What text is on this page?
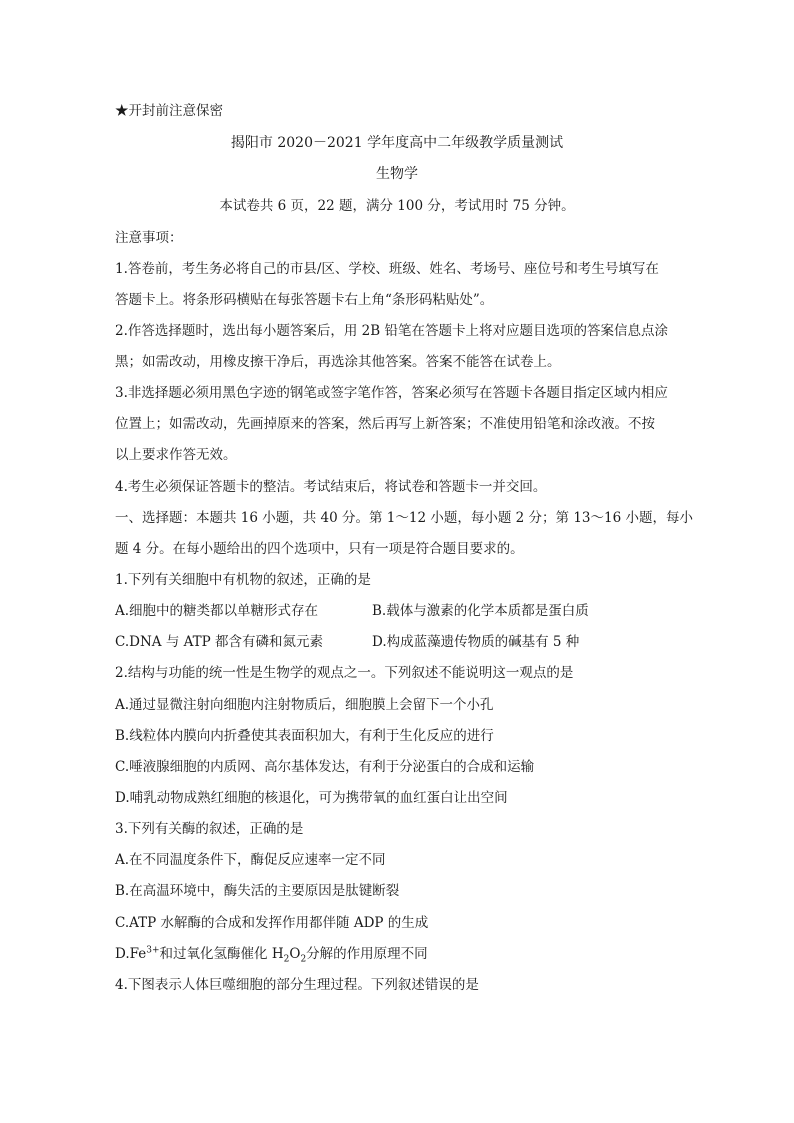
★开封前注意保密
揭阳市 2020－2021 学年度高中二年级教学质量测试
生物学
本试卷共 6 页，22 题，满分 100 分，考试用时 75 分钟。
注意事项：
1.答卷前，考生务必将自己的市县/区、学校、班级、姓名、考场号、座位号和考生号填写在
答题卡上。将条形码横贴在每张答题卡右上角“条形码粘贴处”。
2.作答选择题时，选出每小题答案后，用 2B 铅笔在答题卡上将对应题目选项的答案信息点涂
黑；如需改动，用橡皮擦干净后，再选涂其他答案。答案不能答在试卷上。
3.非选择题必须用黑色字迹的钢笔或签字笔作答，答案必须写在答题卡各题目指定区域内相应
位置上；如需改动，先画掉原来的答案，然后再写上新答案；不准使用铅笔和涂改液。不按
以上要求作答无效。
4.考生必须保证答题卡的整洁。考试结束后，将试卷和答题卡一并交回。
一、选择题：本题共 16 小题，共 40 分。第 1～12 小题，每小题 2 分；第 13～16 小题，每小
题 4 分。在每小题给出的四个选项中，只有一项是符合题目要求的。
1.下列有关细胞中有机物的叙述，正确的是
A.细胞中的糖类都以单糖形式存在	B.载体与激素的化学本质都是蛋白质
C.DNA 与 ATP 都含有磷和氮元素	D.构成蓝藻遗传物质的碱基有 5 种
2.结构与功能的统一性是生物学的观点之一。下列叙述不能说明这一观点的是
A.通过显微注射向细胞内注射物质后，细胞膜上会留下一个小孔
B.线粒体内膜向内折叠使其表面积加大，有利于生化反应的进行
C.唾液腺细胞的内质网、高尔基体发达，有利于分泌蛋白的合成和运输
D.哺乳动物成熟红细胞的核退化，可为携带氧的血红蛋白让出空间
3.下列有关酶的叙述，正确的是
A.在不同温度条件下，酶促反应速率一定不同
B.在高温环境中，酶失活的主要原因是肽键断裂
C.ATP 水解酶的合成和发挥作用都伴随 ADP 的生成
$D.Fe^{3+}$和过氧化氢酶催化 $H_2O_2$分解的作用原理不同
4.下图表示人体巨噬细胞的部分生理过程。下列叙述错误的是
